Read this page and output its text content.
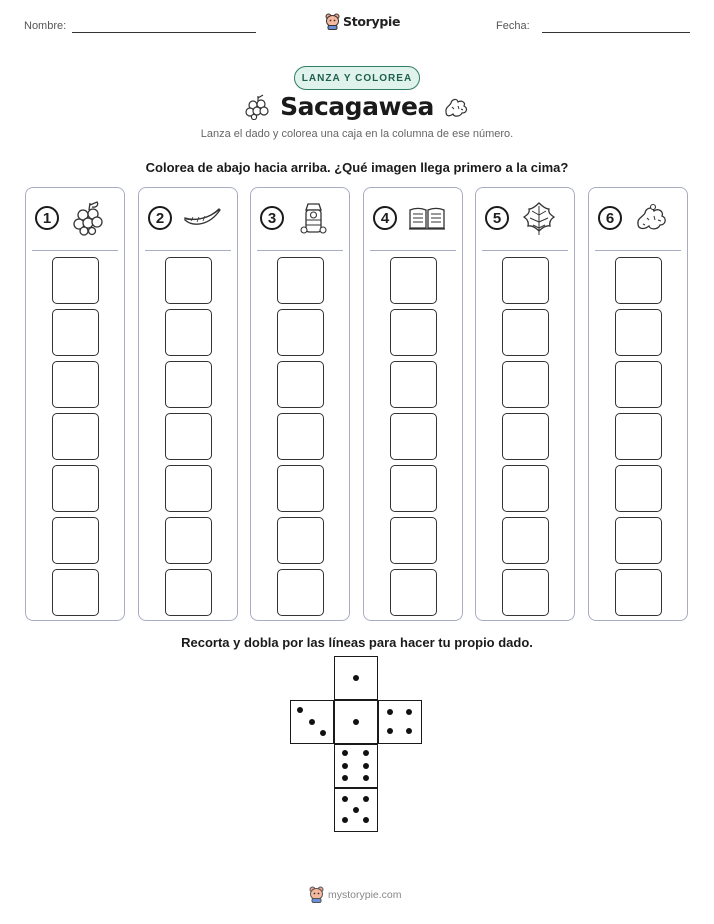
Nombre:	Storypie	Fecha:
LANZA Y COLOREA
Sacagawea
Lanza el dado y colorea una caja en la columna de ese número.
Colorea de abajo hacia arriba. ¿Qué imagen llega primero a la cima?
1	2	3	4	5	6
Recorta y dobla por las líneas para hacer tu propio dado.
mystorypie.com
